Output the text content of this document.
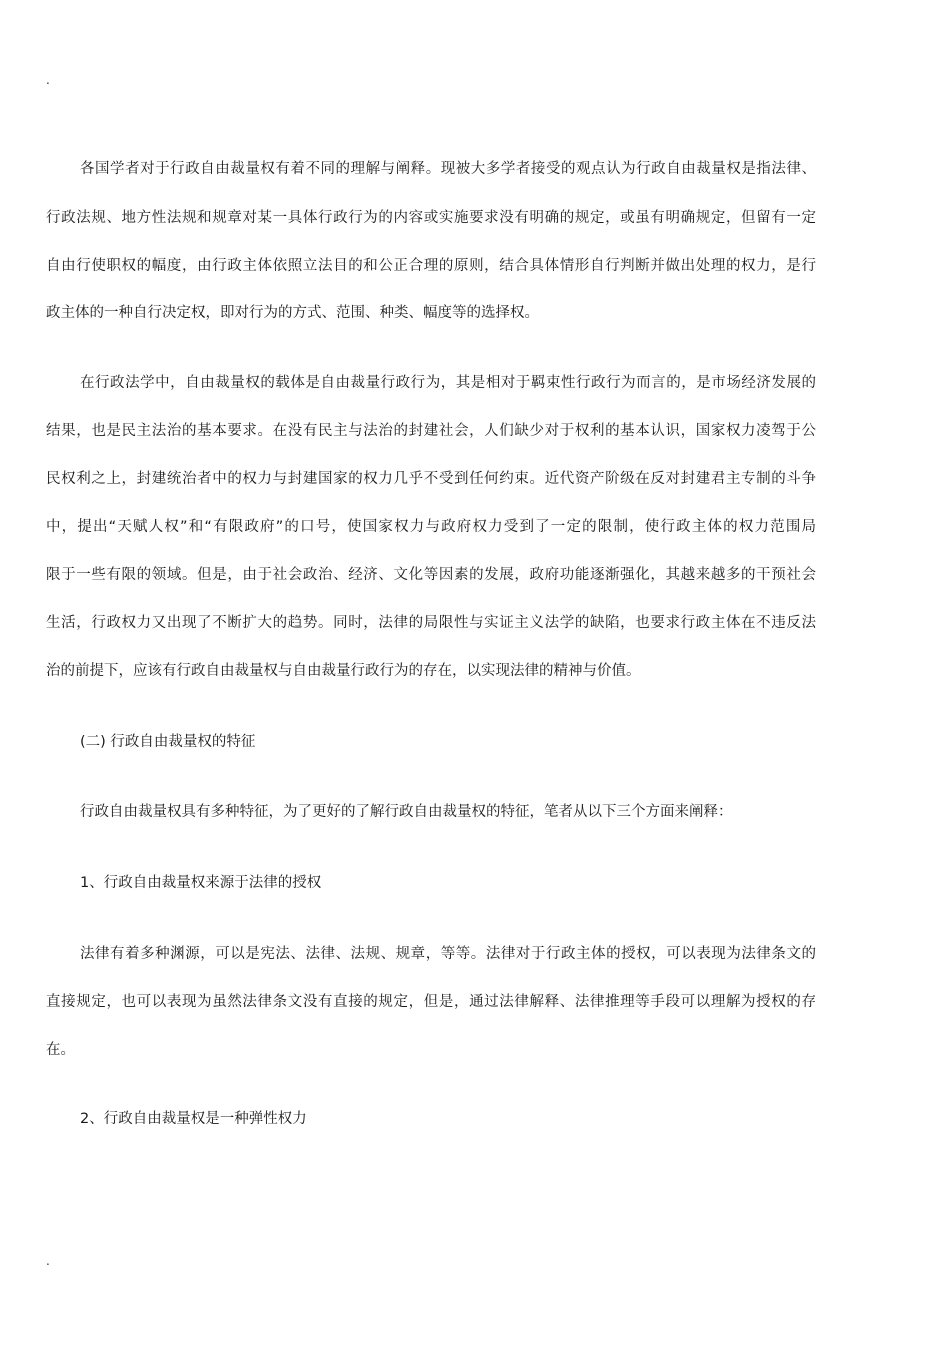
.
各国学者对于行政自由裁量权有着不同的理解与阐释。现被大多学者接受的观点认为行政自由裁量权是指法律、
行政法规、地方性法规和规章对某一具体行政行为的内容或实施要求没有明确的规定，或虽有明确规定，但留有一定
自由行使职权的幅度，由行政主体依照立法目的和公正合理的原则，结合具体情形自行判断并做出处理的权力，是行
政主体的一种自行决定权，即对行为的方式、范围、种类、幅度等的选择权。
在行政法学中，自由裁量权的载体是自由裁量行政行为，其是相对于羁束性行政行为而言的，是市场经济发展的
结果，也是民主法治的基本要求。在没有民主与法治的封建社会，人们缺少对于权利的基本认识，国家权力凌驾于公
民权利之上，封建统治者中的权力与封建国家的权力几乎不受到任何约束。近代资产阶级在反对封建君主专制的斗争
中，提出“天赋人权”和“有限政府”的口号，使国家权力与政府权力受到了一定的限制，使行政主体的权力范围局
限于一些有限的领域。但是，由于社会政治、经济、文化等因素的发展，政府功能逐渐强化，其越来越多的干预社会
生活，行政权力又出现了不断扩大的趋势。同时，法律的局限性与实证主义法学的缺陷，也要求行政主体在不违反法
治的前提下，应该有行政自由裁量权与自由裁量行政行为的存在，以实现法律的精神与价值。
(二) 行政自由裁量权的特征
行政自由裁量权具有多种特征，为了更好的了解行政自由裁量权的特征，笔者从以下三个方面来阐释：
1、行政自由裁量权来源于法律的授权
法律有着多种渊源，可以是宪法、法律、法规、规章，等等。法律对于行政主体的授权，可以表现为法律条文的
直接规定，也可以表现为虽然法律条文没有直接的规定，但是，通过法律解释、法律推理等手段可以理解为授权的存
在。
2、行政自由裁量权是一种弹性权力
.
